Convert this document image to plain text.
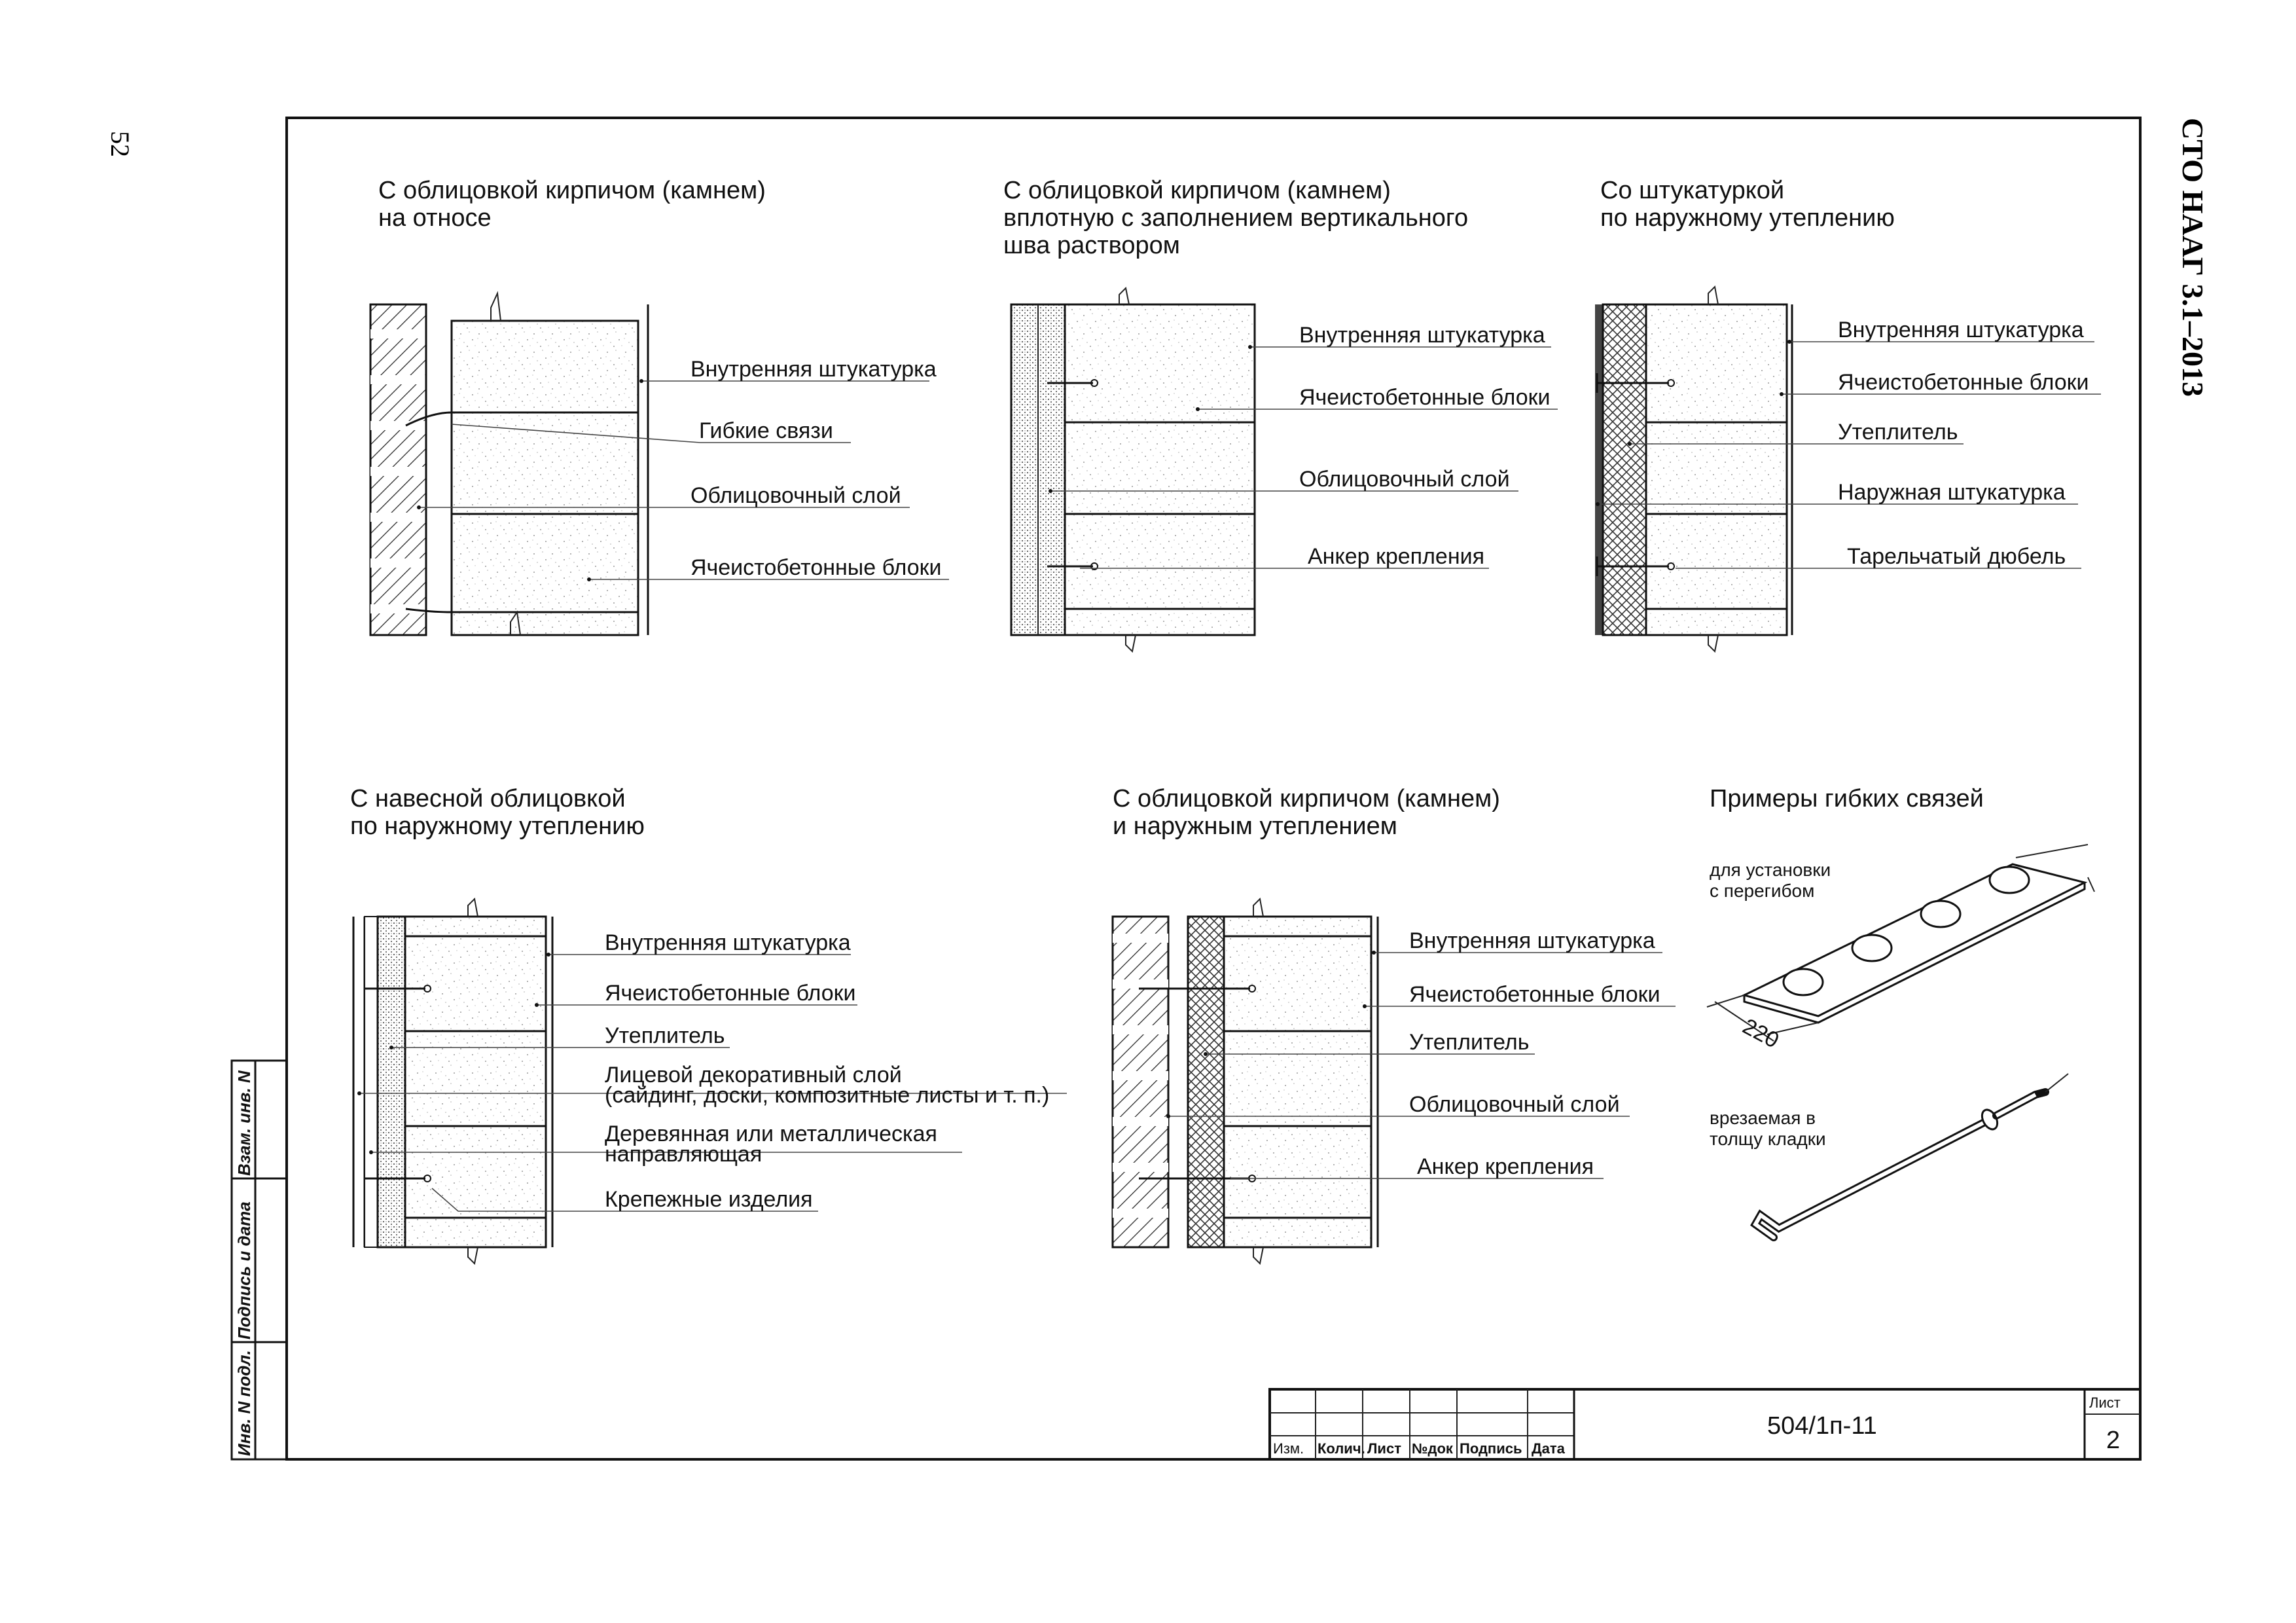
52	СТО НААГ 3.1–2013
Инв. N подл.
Подпись и дата
Взам. инв. N
Изм. Колич. Лист №док Подпись Дата
504/1п-11
Лист
2
С облицовкой кирпичом (камнем)
на относе
Внутренняя штукатурка
Гибкие связи
Облицовочный слой
Ячеистобетонные блоки
С облицовкой кирпичом (камнем)
вплотную с заполнением вертикального
шва раствором
Внутренняя штукатурка
Ячеистобетонные блоки
Облицовочный слой
Анкер крепления
Со штукатуркой
по наружному утеплению
Внутренняя штукатурка
Ячеистобетонные блоки
Утеплитель
Наружная штукатурка
Тарельчатый дюбель
С навесной облицовкой
по наружному утеплению
Внутренняя штукатурка
Ячеистобетонные блоки
Утеплитель
Лицевой декоративный слой
(сайдинг, доски, композитные листы и т. п.)
Деревянная или металлическая
направляющая
Крепежные изделия
С облицовкой кирпичом (камнем)
и наружным утеплением
Внутренняя штукатурка
Ячеистобетонные блоки
Утеплитель
Облицовочный слой
Анкер крепления
Примеры гибких связей
для установки
с перегибом
220
врезаемая в
толщу кладки
